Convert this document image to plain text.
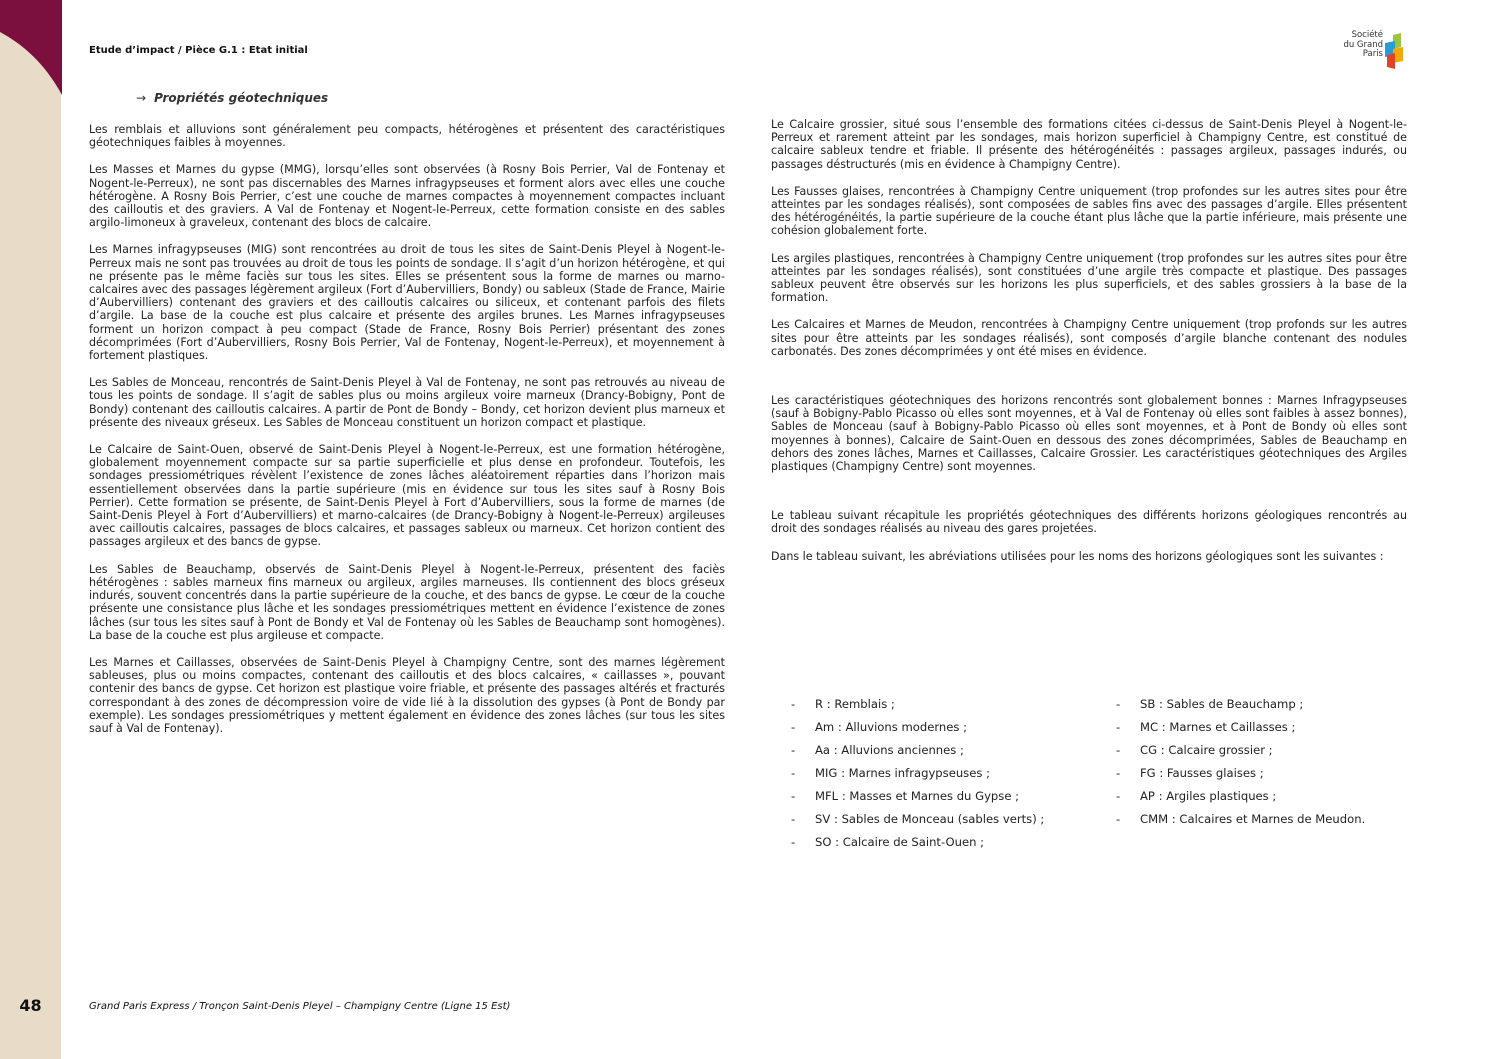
48
Etude d’impact / Pièce G.1 : Etat initial
Société
du Grand
Paris
→ Propriétés géotechniques

Les remblais et alluvions sont généralement peu compacts, hétérogènes et présentent des caractéristiques géotechniques faibles à moyennes.

Les Masses et Marnes du gypse (MMG), lorsqu’elles sont observées (à Rosny Bois Perrier, Val de Fontenay et Nogent-le-Perreux), ne sont pas discernables des Marnes infragypseuses et forment alors avec elles une couche hétérogène. A Rosny Bois Perrier, c’est une couche de marnes compactes à moyennement compactes incluant des cailloutis et des graviers. A Val de Fontenay et Nogent-le-Perreux, cette formation consiste en des sables argilo-limoneux à graveleux, contenant des blocs de calcaire.

Les Marnes infragypseuses (MIG) sont rencontrées au droit de tous les sites de Saint-Denis Pleyel à Nogent-le-Perreux mais ne sont pas trouvées au droit de tous les points de sondage. Il s’agit d’un horizon hétérogène, et qui ne présente pas le même faciès sur tous les sites. Elles se présentent sous la forme de marnes ou marno-calcaires avec des passages légèrement argileux (Fort d’Aubervilliers, Bondy) ou sableux (Stade de France, Mairie d’Aubervilliers) contenant des graviers et des cailloutis calcaires ou siliceux, et contenant parfois des filets d’argile. La base de la couche est plus calcaire et présente des argiles brunes. Les Marnes infragypseuses forment un horizon compact à peu compact (Stade de France, Rosny Bois Perrier) présentant des zones décomprimées (Fort d’Aubervilliers, Rosny Bois Perrier, Val de Fontenay, Nogent-le-Perreux), et moyennement à fortement plastiques.

Les Sables de Monceau, rencontrés de Saint-Denis Pleyel à Val de Fontenay, ne sont pas retrouvés au niveau de tous les points de sondage. Il s’agit de sables plus ou moins argileux voire marneux (Drancy-Bobigny, Pont de Bondy) contenant des cailloutis calcaires. A partir de Pont de Bondy – Bondy, cet horizon devient plus marneux et présente des niveaux gréseux. Les Sables de Monceau constituent un horizon compact et plastique.

Le Calcaire de Saint-Ouen, observé de Saint-Denis Pleyel à Nogent-le-Perreux, est une formation hétérogène, globalement moyennement compacte sur sa partie superficielle et plus dense en profondeur. Toutefois, les sondages pressiométriques révèlent l’existence de zones lâches aléatoirement réparties dans l’horizon mais essentiellement observées dans la partie supérieure (mis en évidence sur tous les sites sauf à Rosny Bois Perrier). Cette formation se présente, de Saint-Denis Pleyel à Fort d’Aubervilliers, sous la forme de marnes (de Saint-Denis Pleyel à Fort d’Aubervilliers) et marno-calcaires (de Drancy-Bobigny à Nogent-le-Perreux) argileuses avec cailloutis calcaires, passages de blocs calcaires, et passages sableux ou marneux. Cet horizon contient des passages argileux et des bancs de gypse.

Les Sables de Beauchamp, observés de Saint-Denis Pleyel à Nogent-le-Perreux, présentent des faciès hétérogènes : sables marneux fins marneux ou argileux, argiles marneuses. Ils contiennent des blocs gréseux indurés, souvent concentrés dans la partie supérieure de la couche, et des bancs de gypse. Le cœur de la couche présente une consistance plus lâche et les sondages pressiométriques mettent en évidence l’existence de zones lâches (sur tous les sites sauf à Pont de Bondy et Val de Fontenay où les Sables de Beauchamp sont homogènes). La base de la couche est plus argileuse et compacte.

Les Marnes et Caillasses, observées de Saint-Denis Pleyel à Champigny Centre, sont des marnes légèrement sableuses, plus ou moins compactes, contenant des cailloutis et des blocs calcaires, « caillasses », pouvant contenir des bancs de gypse. Cet horizon est plastique voire friable, et présente des passages altérés et fracturés correspondant à des zones de décompression voire de vide lié à la dissolution des gypses (à Pont de Bondy par exemple). Les sondages pressiométriques y mettent également en évidence des zones lâches (sur tous les sites sauf à Val de Fontenay).

Le Calcaire grossier, situé sous l’ensemble des formations citées ci-dessus de Saint-Denis Pleyel à Nogent-le-Perreux et rarement atteint par les sondages, mais horizon superficiel à Champigny Centre, est constitué de calcaire sableux tendre et friable. Il présente des hétérogénéités : passages argileux, passages indurés, ou passages déstructurés (mis en évidence à Champigny Centre).

Les Fausses glaises, rencontrées à Champigny Centre uniquement (trop profondes sur les autres sites pour être atteintes par les sondages réalisés), sont composées de sables fins avec des passages d’argile. Elles présentent des hétérogénéités, la partie supérieure de la couche étant plus lâche que la partie inférieure, mais présente une cohésion globalement forte.

Les argiles plastiques, rencontrées à Champigny Centre uniquement (trop profondes sur les autres sites pour être atteintes par les sondages réalisés), sont constituées d’une argile très compacte et plastique. Des passages sableux peuvent être observés sur les horizons les plus superficiels, et des sables grossiers à la base de la formation.

Les Calcaires et Marnes de Meudon, rencontrées à Champigny Centre uniquement (trop profonds sur les autres sites pour être atteints par les sondages réalisés), sont composés d’argile blanche contenant des nodules carbonatés. Des zones décomprimées y ont été mises en évidence.

Les caractéristiques géotechniques des horizons rencontrés sont globalement bonnes : Marnes Infragypseuses (sauf à Bobigny-Pablo Picasso où elles sont moyennes, et à Val de Fontenay où elles sont faibles à assez bonnes), Sables de Monceau (sauf à Bobigny-Pablo Picasso où elles sont moyennes, et à Pont de Bondy où elles sont moyennes à bonnes), Calcaire de Saint-Ouen en dessous des zones décomprimées, Sables de Beauchamp en dehors des zones lâches, Marnes et Caillasses, Calcaire Grossier. Les caractéristiques géotechniques des Argiles plastiques (Champigny Centre) sont moyennes.

Le tableau suivant récapitule les propriétés géotechniques des différents horizons géologiques rencontrés au droit des sondages réalisés au niveau des gares projetées.

Dans le tableau suivant, les abréviations utilisées pour les noms des horizons géologiques sont les suivantes :

- R : Remblais ;
- Am : Alluvions modernes ;
- Aa : Alluvions anciennes ;
- MIG : Marnes infragypseuses ;
- MFL : Masses et Marnes du Gypse ;
- SV : Sables de Monceau (sables verts) ;
- SO : Calcaire de Saint-Ouen ;
- SB : Sables de Beauchamp ;
- MC : Marnes et Caillasses ;
- CG : Calcaire grossier ;
- FG : Fausses glaises ;
- AP : Argiles plastiques ;
- CMM : Calcaires et Marnes de Meudon.
Grand Paris Express / Tronçon Saint-Denis Pleyel – Champigny Centre (Ligne 15 Est)
